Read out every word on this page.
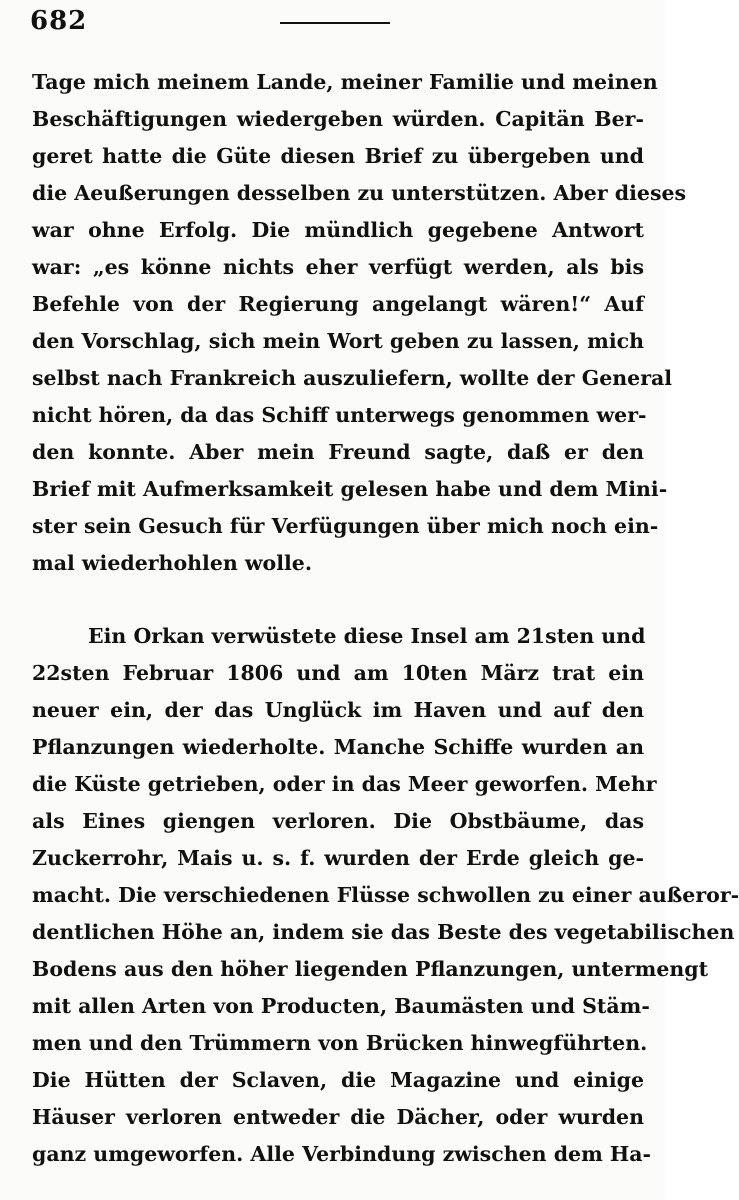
682
Tage mich meinem Lande, meiner Familie und meinen
Beschäftigungen wiedergeben würden. Capitän Ber-
geret hatte die Güte diesen Brief zu übergeben und
die Aeußerungen desselben zu unterstützen. Aber dieses
war ohne Erfolg. Die mündlich gegebene Antwort
war: „es könne nichts eher verfügt werden, als bis
Befehle von der Regierung angelangt wären!“ Auf
den Vorschlag, sich mein Wort geben zu lassen, mich
selbst nach Frankreich auszuliefern, wollte der General
nicht hören, da das Schiff unterwegs genommen wer-
den konnte. Aber mein Freund sagte, daß er den
Brief mit Aufmerksamkeit gelesen habe und dem Mini-
ster sein Gesuch für Verfügungen über mich noch ein-
mal wiederhohlen wolle.
Ein Orkan verwüstete diese Insel am 21sten und
22sten Februar 1806 und am 10ten März trat ein
neuer ein, der das Unglück im Haven und auf den
Pflanzungen wiederholte. Manche Schiffe wurden an
die Küste getrieben, oder in das Meer geworfen. Mehr
als Eines giengen verloren. Die Obstbäume, das
Zuckerrohr, Mais u. s. f. wurden der Erde gleich ge-
macht. Die verschiedenen Flüsse schwollen zu einer außeror-
dentlichen Höhe an, indem sie das Beste des vegetabilischen
Bodens aus den höher liegenden Pflanzungen, untermengt
mit allen Arten von Producten, Baumästen und Stäm-
men und den Trümmern von Brücken hinwegführten.
Die Hütten der Sclaven, die Magazine und einige
Häuser verloren entweder die Dächer, oder wurden
ganz umgeworfen. Alle Verbindung zwischen dem Ha-
